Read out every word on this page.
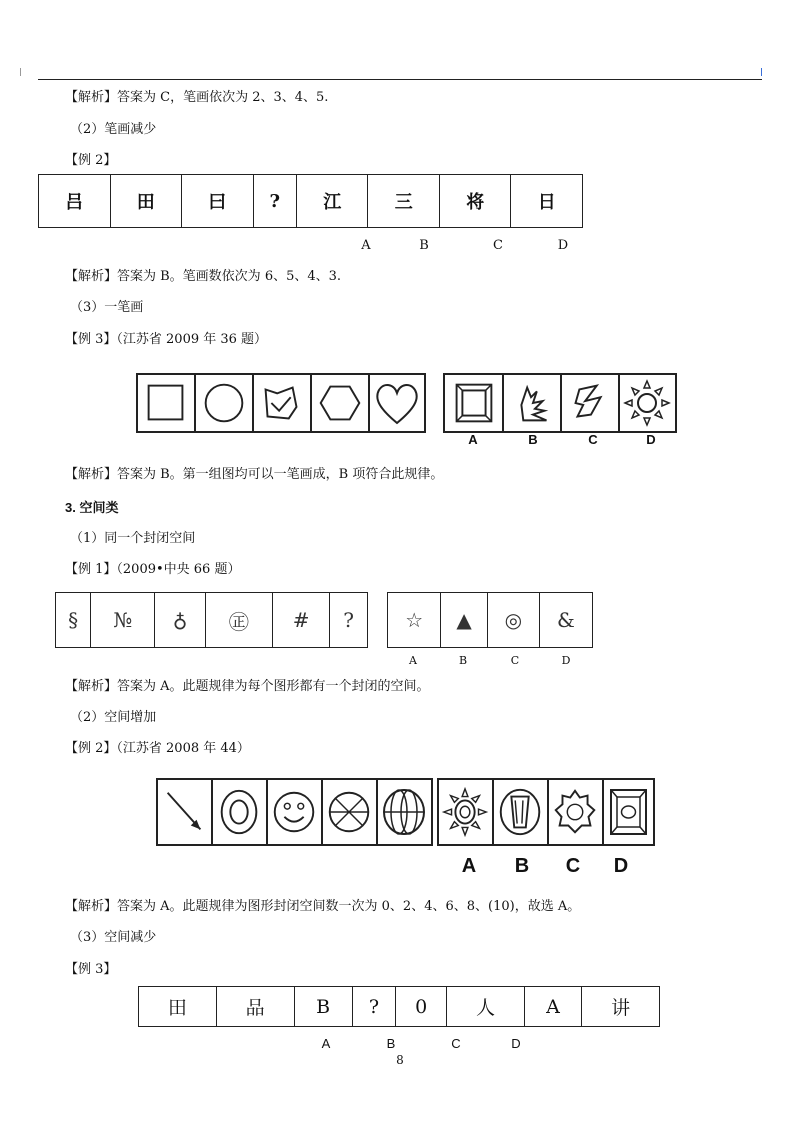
【解析】答案为 C，笔画依次为 2、3、4、5.
（2）笔画减少
【例 2】
吕	田	曰	?	江	三	将	日
A	B	C	D
【解析】答案为 B。笔画数依次为 6、5、4、3.
（3）一笔画
【例 3】（江苏省 2009 年 36 题）
A	B	C	D
【解析】答案为 B。第一组图均可以一笔画成，B 项符合此规律。
3. 空间类
（1）同一个封闭空间
【例 1】（2009•中央 66 题）
§	№	♁	㊣	#	?	☆	▲	◎	&
A	B	C	D
【解析】答案为 A。此题规律为每个图形都有一个封闭的空间。
（2）空间增加
【例 2】（江苏省 2008 年 44）
A B C D
【解析】答案为 A。此题规律为图形封闭空间数一次为 0、2、4、6、8、(10)，故选 A。
（3）空间减少
【例 3】
田	品	B	?	0	人	A	讲
A	B	C	D
8
